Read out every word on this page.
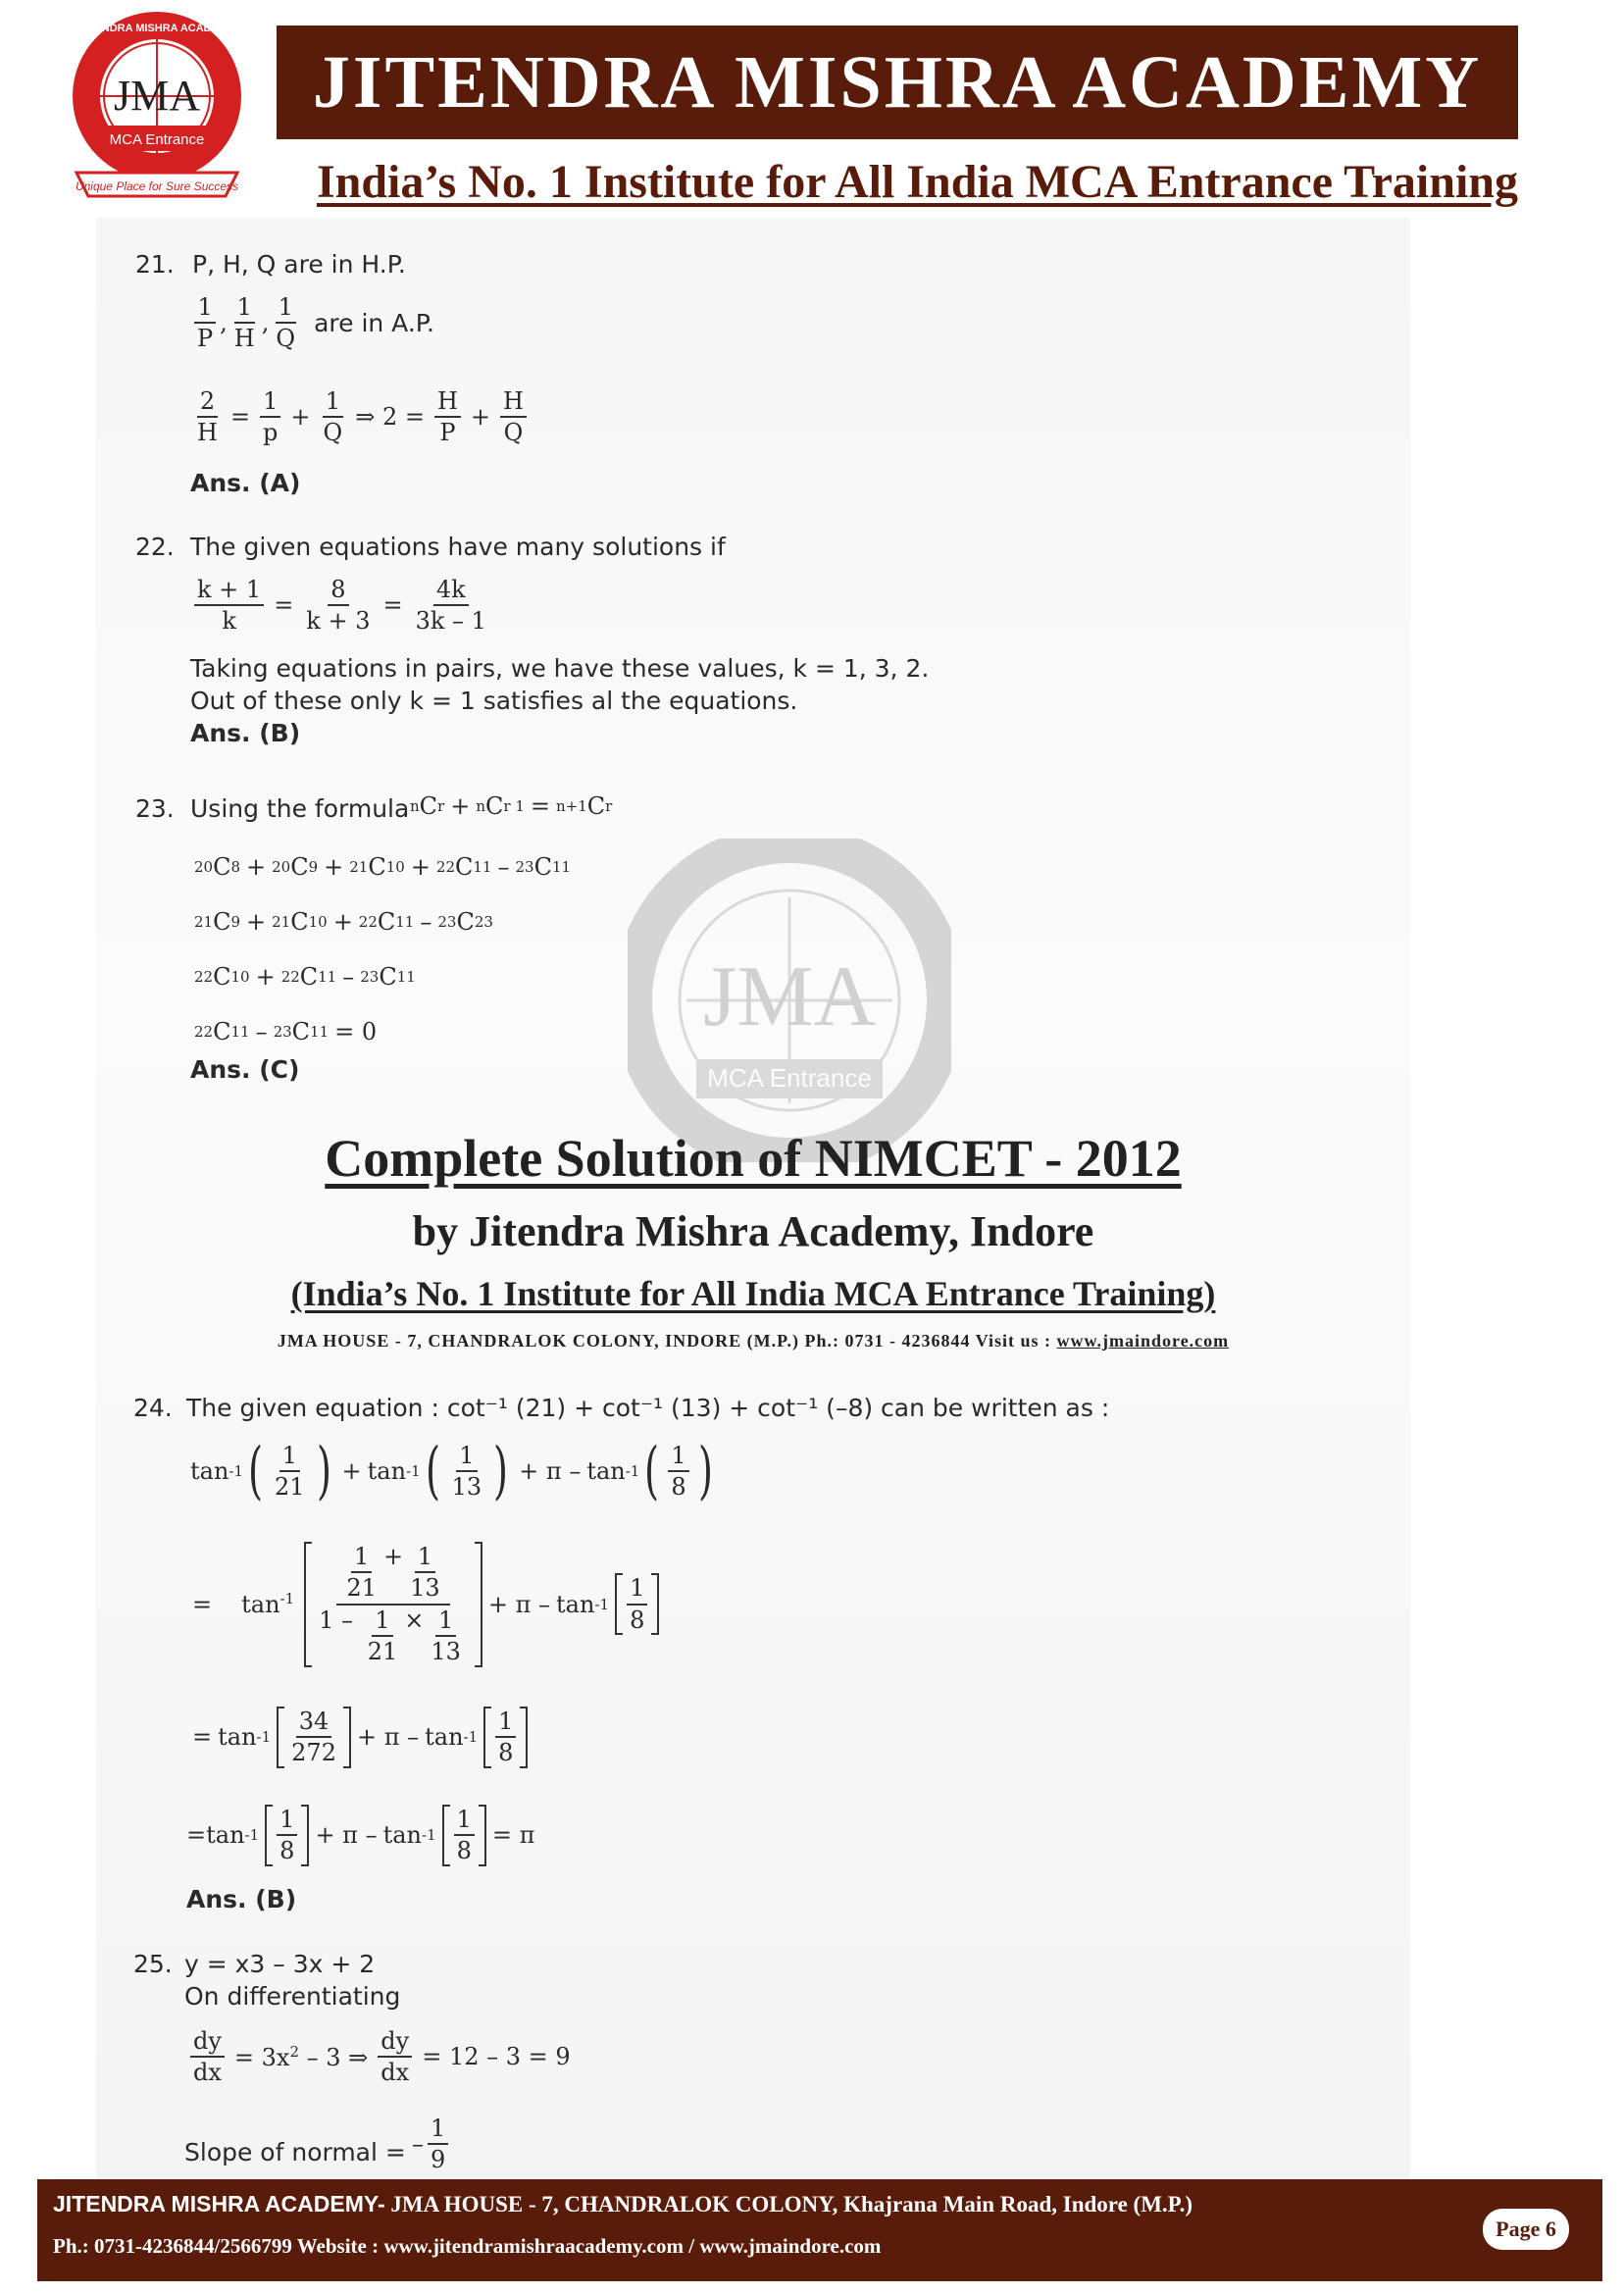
JMA
MCA Entrance
Unique Place for Sure Success
JITENDRA MISHRA ACADEMY
JITENDRA MISHRA ACADEMY
India’s No. 1 Institute for All India MCA Entrance Training
JMA
MCA Entrance
21. P, H, Q are in H.P.
$\frac{1}{P}$ , $\frac{1}{H}$ , $\frac{1}{Q}$ are in A.P.
$\frac{2}{H} = \frac{1}{p} + \frac{1}{Q}$ ⇒ $2 = \frac{H}{P} + \frac{H}{Q}$
Ans. (A)
22. The given equations have many solutions if
$\frac{k + 1}{k} = \frac{8}{k + 3} = \frac{4k}{3k - 1}$
Taking equations in pairs, we have these values, k = 1, 3, 2.
Out of these only k = 1 satisfies al the equations.
Ans. (B)
23. Using the formula n C r + n C r 1 = n+1 C r
20 C 8 + 20 C 9 + 21 C 10 + 22 C 11 – 23 C 11
21 C 9 + 21 C 10 + 22 C 11 – 23 C 23
22 C 10 + 22 C 11 – 23 C 11
22 C 11 – 23 C 11 = 0
Ans. (C)
Complete Solution of NIMCET - 2012
by Jitendra Mishra Academy, Indore
(India’s No. 1 Institute for All India MCA Entrance Training)
JMA HOUSE - 7, CHANDRALOK COLONY, INDORE (M.P.) Ph.: 0731 - 4236844 Visit us : www.jmaindore.com
24. The given equation : cot⁻¹ (21) + cot⁻¹ (13) + cot⁻¹ (–8) can be written as :
tan -1 ( $\frac{1}{21}$ ) + tan -1 ( $\frac{1}{13}$ ) + π – tan -1 ( $\frac{1}{8}$ )
= $\tan^{-1} \frac{\frac{1}{21} + \frac{1}{13}}{1 - \frac{1}{21} \times \frac{1}{13}} + \pi - \tan -1 \frac{1}{8}$
= $\tan -1 \frac{34}{272} + \pi - \tan -1 \frac{1}{8}$
= $\tan -1 \frac{1}{8} + \pi - \tan -1 \frac{1}{8} = \pi$
Ans. (B)
25. y = x3 – 3x + 2
On differentiating
$\frac{dy}{dx} = 3x^2 - 3$ ⇒ $\frac{dy}{dx} = 12 - 3 = 9$
Slope of normal = – $\frac{1}{9}$
JITENDRA MISHRA ACADEMY- JMA HOUSE - 7, CHANDRALOK COLONY, Khajrana Main Road, Indore (M.P.)
Ph.: 0731-4236844/2566799 Website : www.jitendramishraacademy.com / www.jmaindore.com
Page 6
